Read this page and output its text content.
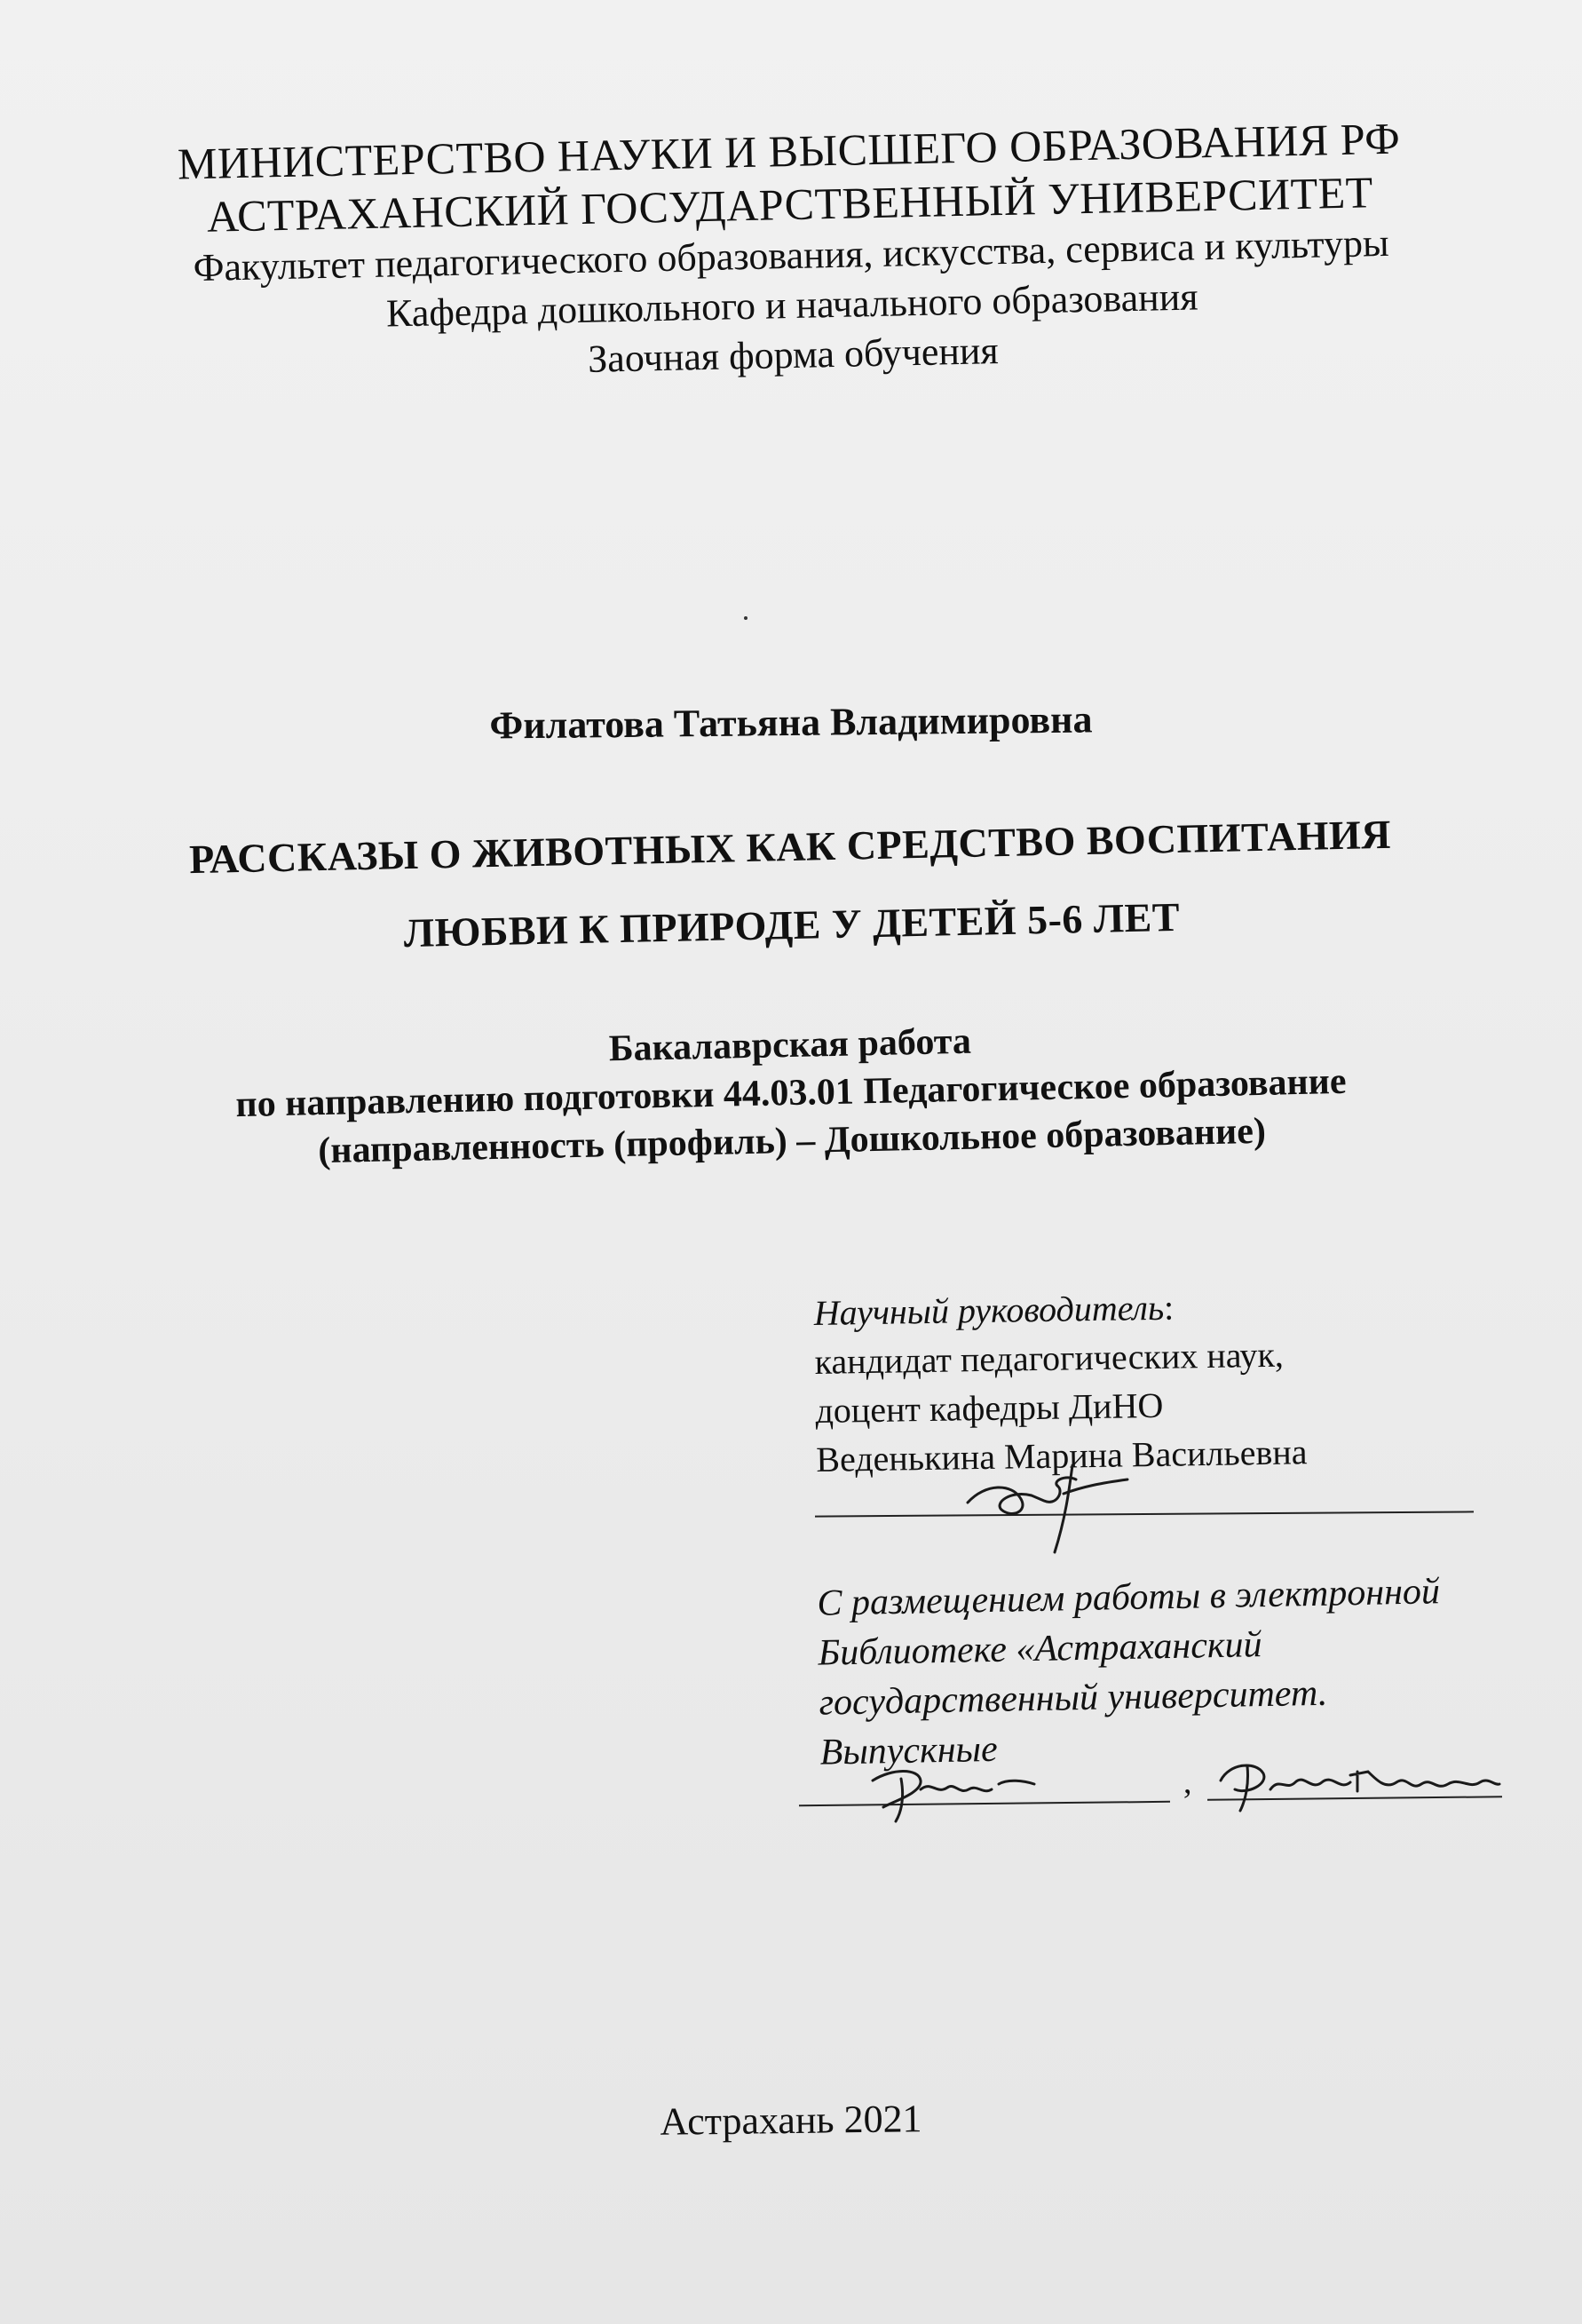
МИНИСТЕРСТВО НАУКИ И ВЫСШЕГО ОБРАЗОВАНИЯ РФ
АСТРАХАНСКИЙ ГОСУДАРСТВЕННЫЙ УНИВЕРСИТЕТ
Факультет педагогического образования, искусства, сервиса и культуры
Кафедра дошкольного и начального образования
Заочная форма обучения
Филатова Татьяна Владимировна
РАССКАЗЫ О ЖИВОТНЫХ КАК СРЕДСТВО ВОСПИТАНИЯ
ЛЮБВИ К ПРИРОДЕ У ДЕТЕЙ 5-6 ЛЕТ
Бакалаврская работа
по направлению подготовки 44.03.01 Педагогическое образование
(направленность (профиль) – Дошкольное образование)
Научный руководитель:
кандидат педагогических наук,
доцент кафедры ДиНО
Веденькина Марина Васильевна
С размещением работы в электронной
Библиотеке «Астраханский
государственный университет.
Выпускные
,
Астрахань 2021
